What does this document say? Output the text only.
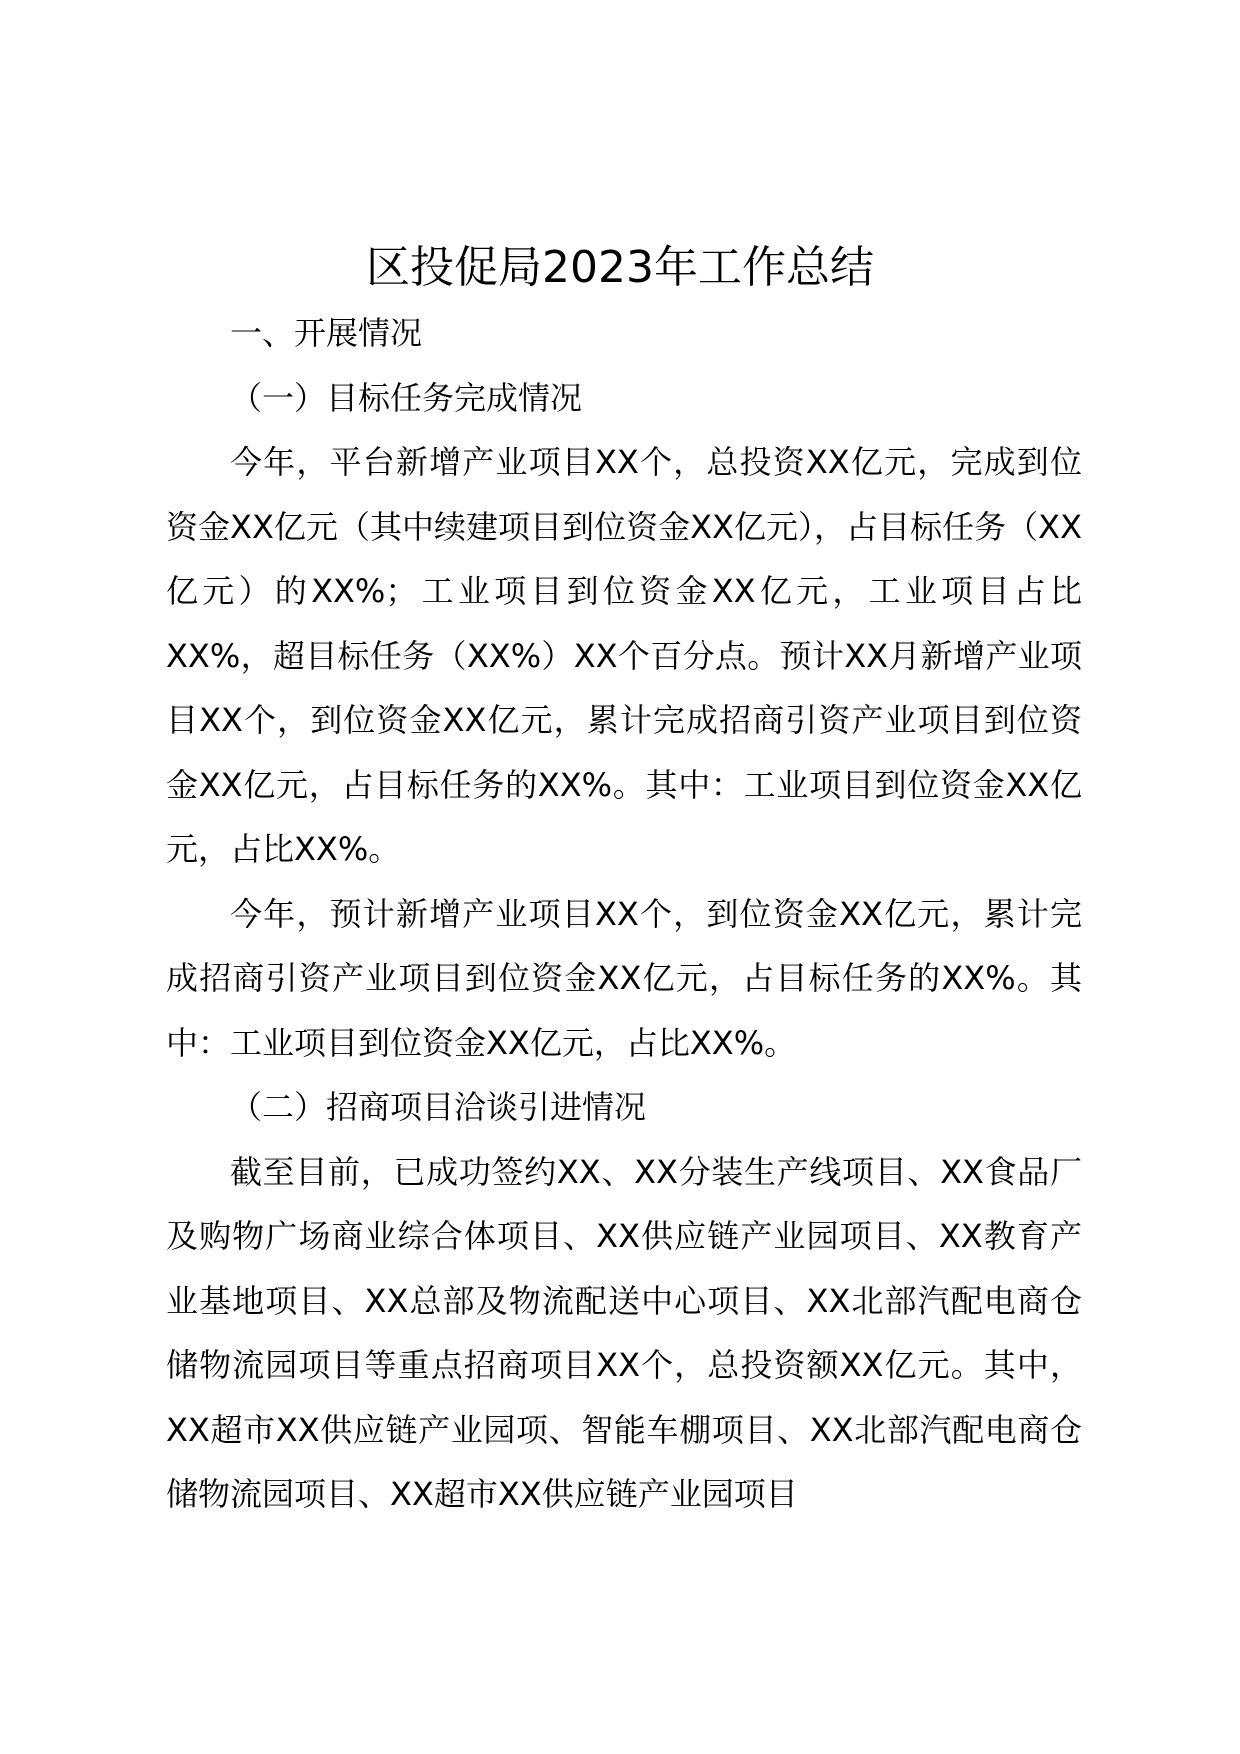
区投促局2023年工作总结

一、开展情况

（一）目标任务完成情况

今年，平台新增产业项目XX个，总投资XX亿元，完成到位资金XX亿元（其中续建项目到位资金XX亿元），占目标任务（XX亿元）的XX%；工业项目到位资金XX亿元，工业项目占比XX%，超目标任务（XX%）XX个百分点。预计XX月新增产业项目XX个，到位资金XX亿元，累计完成招商引资产业项目到位资金XX亿元，占目标任务的XX%。其中：工业项目到位资金XX亿元，占比XX%。

今年，预计新增产业项目XX个，到位资金XX亿元，累计完成招商引资产业项目到位资金XX亿元，占目标任务的XX%。其中：工业项目到位资金XX亿元，占比XX%。

（二）招商项目洽谈引进情况

截至目前，已成功签约XX、XX分装生产线项目、XX食品厂及购物广场商业综合体项目、XX供应链产业园项目、XX教育产业基地项目、XX总部及物流配送中心项目、XX北部汽配电商仓储物流园项目等重点招商项目XX个，总投资额XX亿元。其中，XX超市XX供应链产业园项、智能车棚项目、XX北部汽配电商仓储物流园项目、XX超市XX供应链产业园项目
